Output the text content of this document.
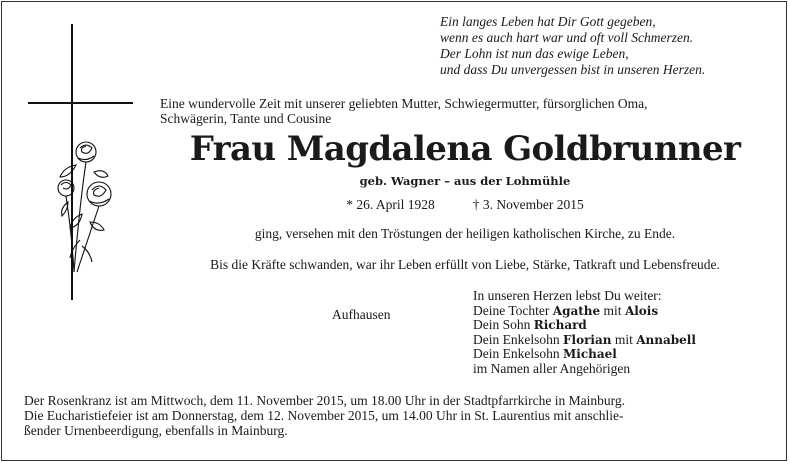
Ein langes Leben hat Dir Gott gegeben,
wenn es auch hart war und oft voll Schmerzen.
Der Lohn ist nun das ewige Leben,
und dass Du unvergessen bist in unseren Herzen.
Eine wundervolle Zeit mit unserer geliebten Mutter, Schwiegermutter, fürsorglichen Oma,
Schwägerin, Tante und Cousine
Frau Magdalena Goldbrunner
geb. Wagner – aus der Lohmühle
* 26. April 1928	† 3. November 2015
ging, versehen mit den Tröstungen der heiligen katholischen Kirche, zu Ende.
Bis die Kräfte schwanden, war ihr Leben erfüllt von Liebe, Stärke, Tatkraft und Lebensfreude.
Aufhausen
In unseren Herzen lebst Du weiter:
Deine Tochter Agathe mit Alois
Dein Sohn Richard
Dein Enkelsohn Florian mit Annabell
Dein Enkelsohn Michael
im Namen aller Angehörigen
Der Rosenkranz ist am Mittwoch, dem 11. November 2015, um 18.00 Uhr in der Stadtpfarrkirche in Mainburg.
Die Eucharistiefeier ist am Donnerstag, dem 12. November 2015, um 14.00 Uhr in St. Laurentius mit anschlie-
ßender Urnenbeerdigung, ebenfalls in Mainburg.
